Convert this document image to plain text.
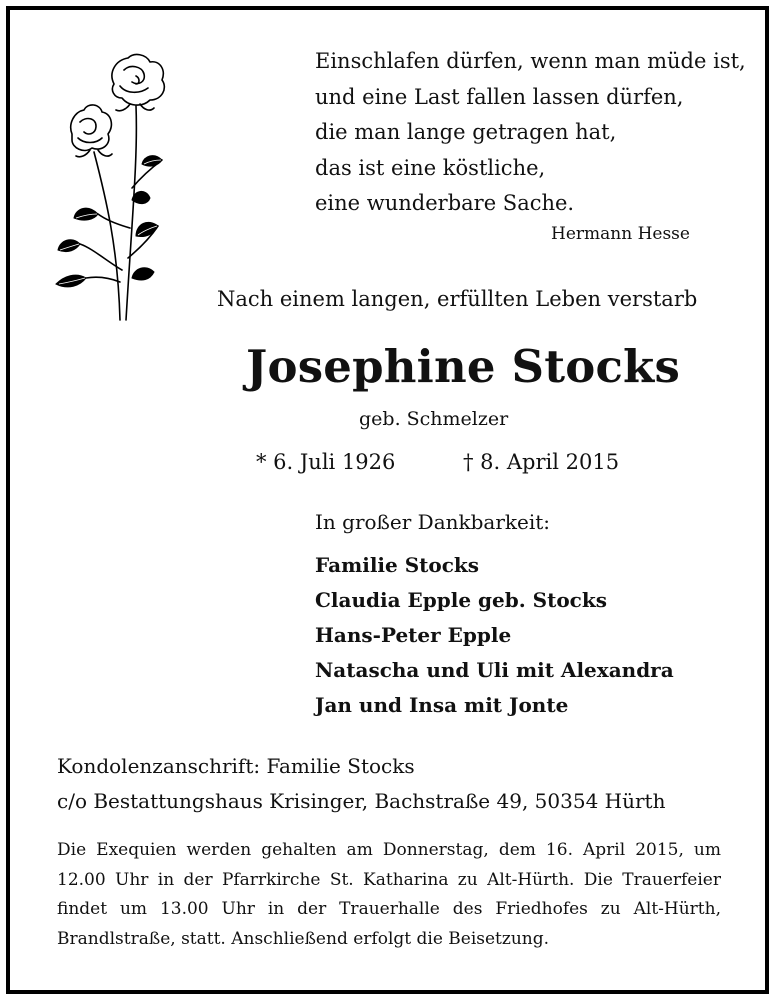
Einschlafen dürfen, wenn man müde ist,
und eine Last fallen lassen dürfen,
die man lange getragen hat,
das ist eine köstliche,
eine wunderbare Sache.
Hermann Hesse
Nach einem langen, erfüllten Leben verstarb
Josephine Stocks
geb. Schmelzer
* 6. Juli 1926	† 8. April 2015
In großer Dankbarkeit:
Familie Stocks
Claudia Epple geb. Stocks
Hans-Peter Epple
Natascha und Uli mit Alexandra
Jan und Insa mit Jonte
Kondolenzanschrift: Familie Stocks
c/o Bestattungshaus Krisinger, Bachstraße 49, 50354 Hürth
Die Exequien werden gehalten am Donnerstag, dem 16. April 2015, um 12.00 Uhr in der Pfarrkirche St. Katharina zu Alt-Hürth. Die Trauerfeier findet um 13.00 Uhr in der Trauerhalle des Friedhofes zu Alt-Hürth, Brandlstraße, statt. Anschließend erfolgt die Beisetzung.
